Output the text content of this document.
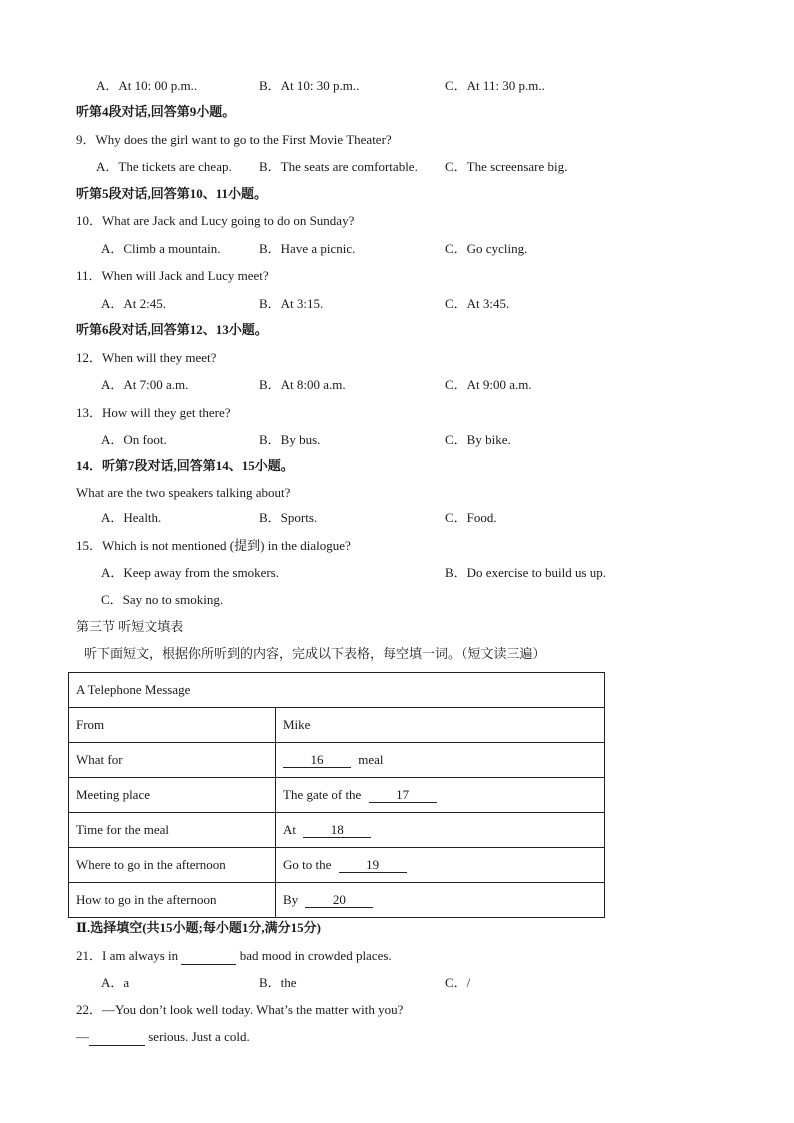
A．At 10: 00 p.m..	B．At 10: 30 p.m..	C．At 11: 30 p.m..
听第4段对话,回答第9小题。
9．Why does the girl want to go to the First Movie Theater?
A．The tickets are cheap. B．The seats are comfortable. C．The screensare big.
听第5段对话,回答第10、11小题。
10．What are Jack and Lucy going to do on Sunday?
A．Climb a mountain.	B．Have a picnic.	C．Go cycling.
11．When will Jack and Lucy meet?
A．At 2:45.	B．At 3:15.	C．At 3:45.
听第6段对话,回答第12、13小题。
12．When will they meet?
A．At 7:00 a.m.	B．At 8:00 a.m.	C．At 9:00 a.m.
13．How will they get there?
A．On foot.	B．By bus.	C．By bike.
14．听第7段对话,回答第14、15小题。
What are the two speakers talking about?
A．Health.	B．Sports.	C．Food.
15．Which is not mentioned (提到) in the dialogue?
A．Keep away from the smokers.	B．Do exercise to build us up.
C．Say no to smoking.
第三节 听短文填表
听下面短文，根据你所听到的内容，完成以下表格，每空填一词。（短文读三遍）
A Telephone Message	
From	Mike
What for	16 meal
Meeting place	The gate of the 17
Time for the meal	At 18
Where to go in the afternoon	Go to the 19
How to go in the afternoon	By 20
Ⅱ.选择填空(共15小题;每小题1分,满分15分)
21．I am always in	bad mood in crowded places.
A．a	B．the	C．/
22．—You don’t look well today. What’s the matter with you?
—	serious. Just a cold.
